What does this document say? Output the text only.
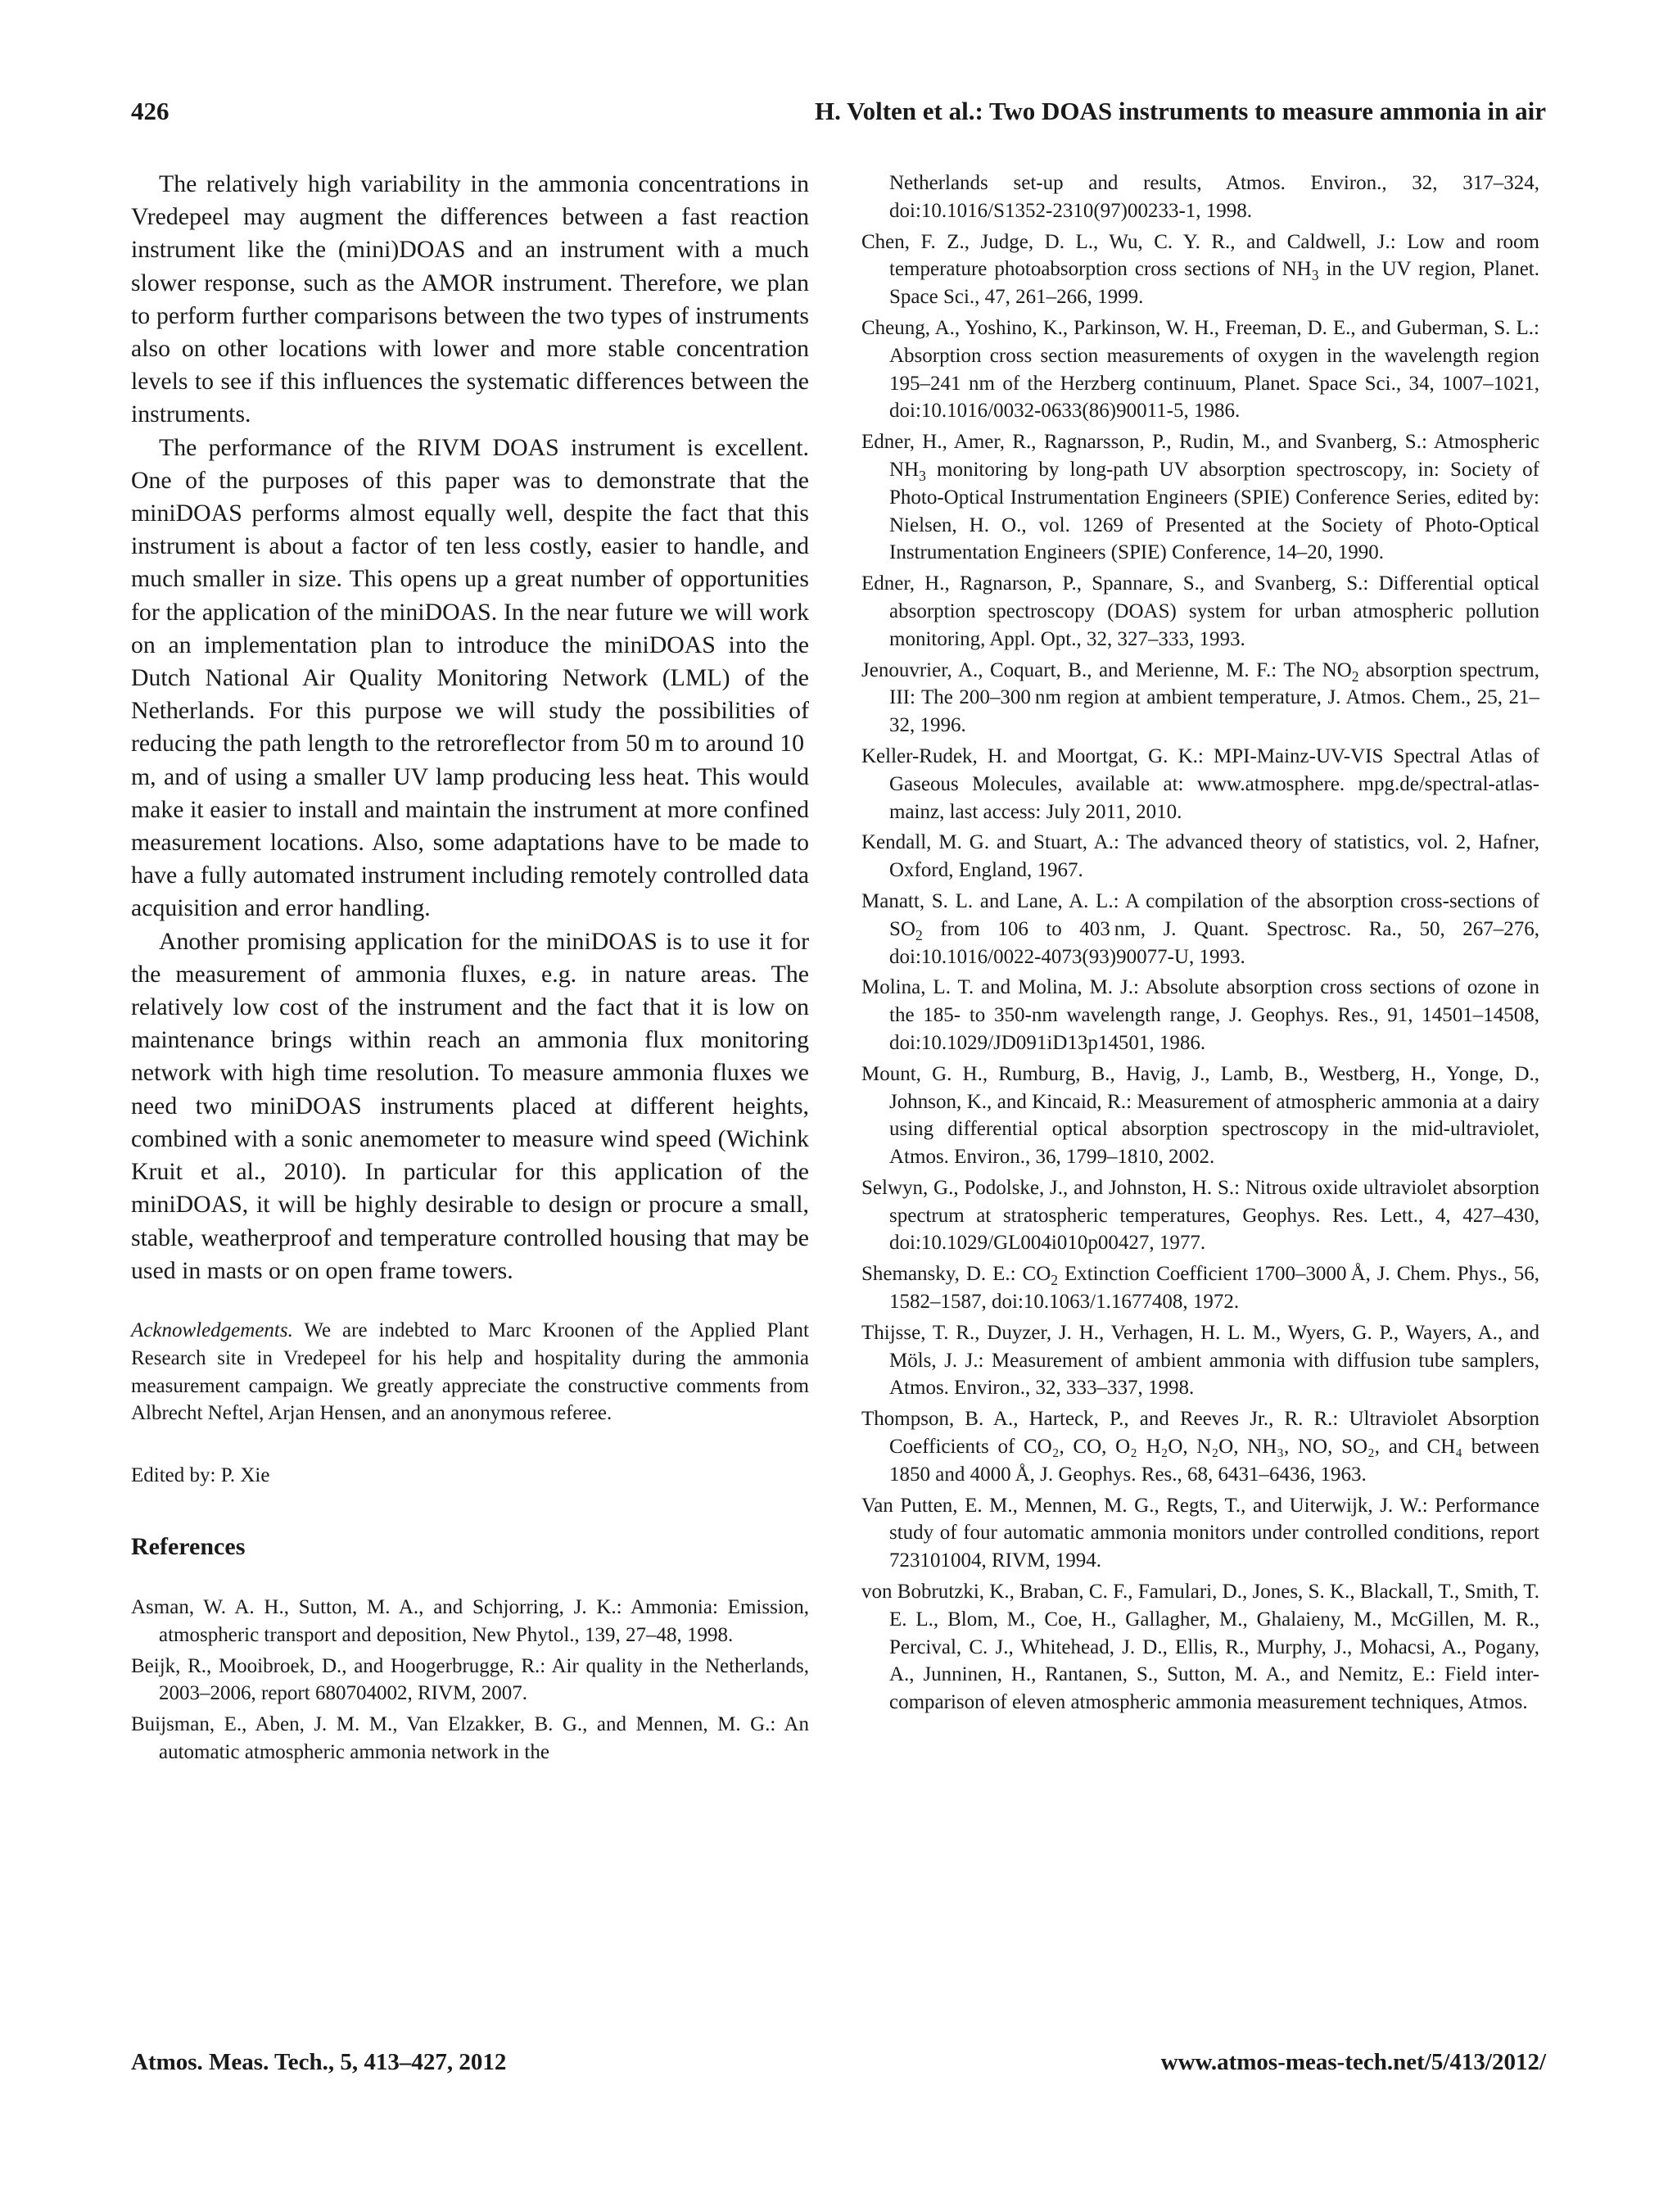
426	H. Volten et al.: Two DOAS instruments to measure ammonia in air

The relatively high variability in the ammonia concentrations in Vredepeel may augment the differences between a fast reaction instrument like the (mini)DOAS and an instrument with a much slower response, such as the AMOR instrument. Therefore, we plan to perform further comparisons between the two types of instruments also on other locations with lower and more stable concentration levels to see if this influences the systematic differences between the instruments.

The performance of the RIVM DOAS instrument is excellent. One of the purposes of this paper was to demonstrate that the miniDOAS performs almost equally well, despite the fact that this instrument is about a factor of ten less costly, easier to handle, and much smaller in size. This opens up a great number of opportunities for the application of the miniDOAS. In the near future we will work on an implementation plan to introduce the miniDOAS into the Dutch National Air Quality Monitoring Network (LML) of the Netherlands. For this purpose we will study the possibilities of reducing the path length to the retroreflector from 50 m to around 10 m, and of using a smaller UV lamp producing less heat. This would make it easier to install and maintain the instrument at more confined measurement locations. Also, some adaptations have to be made to have a fully automated instrument including remotely controlled data acquisition and error handling.

Another promising application for the miniDOAS is to use it for the measurement of ammonia fluxes, e.g. in nature areas. The relatively low cost of the instrument and the fact that it is low on maintenance brings within reach an ammonia flux monitoring network with high time resolution. To measure ammonia fluxes we need two miniDOAS instruments placed at different heights, combined with a sonic anemometer to measure wind speed (Wichink Kruit et al., 2010). In particular for this application of the miniDOAS, it will be highly desirable to design or procure a small, stable, weatherproof and temperature controlled housing that may be used in masts or on open frame towers.

Acknowledgements. We are indebted to Marc Kroonen of the Applied Plant Research site in Vredepeel for his help and hospitality during the ammonia measurement campaign. We greatly appreciate the constructive comments from Albrecht Neftel, Arjan Hensen, and an anonymous referee.

Edited by: P. Xie

References
Asman, W. A. H., Sutton, M. A., and Schjorring, J. K.: Ammonia: Emission, atmospheric transport and deposition, New Phytol., 139, 27–48, 1998.
Beijk, R., Mooibroek, D., and Hoogerbrugge, R.: Air quality in the Netherlands, 2003–2006, report 680704002, RIVM, 2007.
Buijsman, E., Aben, J. M. M., Van Elzakker, B. G., and Mennen, M. G.: An automatic atmospheric ammonia network in the

Netherlands set-up and results, Atmos. Environ., 32, 317–324, doi:10.1016/S1352-2310(97)00233-1, 1998.

Chen, F. Z., Judge, D. L., Wu, C. Y. R., and Caldwell, J.: Low and room temperature photoabsorption cross sections of $NH_3$ in the UV region, Planet. Space Sci., 47, 261–266, 1999.
Cheung, A., Yoshino, K., Parkinson, W. H., Freeman, D. E., and Guberman, S. L.: Absorption cross section measurements of oxygen in the wavelength region 195–241 nm of the Herzberg continuum, Planet. Space Sci., 34, 1007–1021, doi:10.1016/0032-0633(86)90011-5, 1986.
Edner, H., Amer, R., Ragnarsson, P., Rudin, M., and Svanberg, S.: Atmospheric $NH_3$ monitoring by long-path UV absorption spectroscopy, in: Society of Photo-Optical Instrumentation Engineers (SPIE) Conference Series, edited by: Nielsen, H. O., vol. 1269 of Presented at the Society of Photo-Optical Instrumentation Engineers (SPIE) Conference, 14–20, 1990.
Edner, H., Ragnarson, P., Spannare, S., and Svanberg, S.: Differential optical absorption spectroscopy (DOAS) system for urban atmospheric pollution monitoring, Appl. Opt., 32, 327–333, 1993.
Jenouvrier, A., Coquart, B., and Merienne, M. F.: The $NO_2$ absorption spectrum, III: The 200–300 nm region at ambient temperature, J. Atmos. Chem., 25, 21–32, 1996.
Keller-Rudek, H. and Moortgat, G. K.: MPI-Mainz-UV-VIS Spectral Atlas of Gaseous Molecules, available at: www.atmosphere. mpg.de/spectral-atlas-mainz, last access: July 2011, 2010.
Kendall, M. G. and Stuart, A.: The advanced theory of statistics, vol. 2, Hafner, Oxford, England, 1967.
Manatt, S. L. and Lane, A. L.: A compilation of the absorption cross-sections of $SO_2$ from 106 to 403 nm, J. Quant. Spectrosc. Ra., 50, 267–276, doi:10.1016/0022-4073(93)90077-U, 1993.
Molina, L. T. and Molina, M. J.: Absolute absorption cross sections of ozone in the 185- to 350-nm wavelength range, J. Geophys. Res., 91, 14501–14508, doi:10.1029/JD091iD13p14501, 1986.
Mount, G. H., Rumburg, B., Havig, J., Lamb, B., Westberg, H., Yonge, D., Johnson, K., and Kincaid, R.: Measurement of atmospheric ammonia at a dairy using differential optical absorption spectroscopy in the mid-ultraviolet, Atmos. Environ., 36, 1799–1810, 2002.
Selwyn, G., Podolske, J., and Johnston, H. S.: Nitrous oxide ultraviolet absorption spectrum at stratospheric temperatures, Geophys. Res. Lett., 4, 427–430, doi:10.1029/GL004i010p00427, 1977.
Shemansky, D. E.: $CO_2$ Extinction Coefficient 1700–3000 Å, J. Chem. Phys., 56, 1582–1587, doi:10.1063/1.1677408, 1972.
Thijsse, T. R., Duyzer, J. H., Verhagen, H. L. M., Wyers, G. P., Wayers, A., and Möls, J. J.: Measurement of ambient ammonia with diffusion tube samplers, Atmos. Environ., 32, 333–337, 1998.
Thompson, B. A., Harteck, P., and Reeves Jr., R. R.: Ultraviolet Absorption Coefficients of CO₂, CO, O₂ H₂O, N₂O, NH₃, NO, SO₂, and CH₄ between 1850 and 4000 Å, J. Geophys. Res., 68, 6431–6436, 1963.
Van Putten, E. M., Mennen, M. G., Regts, T., and Uiterwijk, J. W.: Performance study of four automatic ammonia monitors under controlled conditions, report 723101004, RIVM, 1994.
von Bobrutzki, K., Braban, C. F., Famulari, D., Jones, S. K., Blackall, T., Smith, T. E. L., Blom, M., Coe, H., Gallagher, M., Ghalaieny, M., McGillen, M. R., Percival, C. J., Whitehead, J. D., Ellis, R., Murphy, J., Mohacsi, A., Pogany, A., Junninen, H., Rantanen, S., Sutton, M. A., and Nemitz, E.: Field inter-comparison of eleven atmospheric ammonia measurement techniques, Atmos.
Atmos. Meas. Tech., 5, 413–427, 2012	www.atmos-meas-tech.net/5/413/2012/
